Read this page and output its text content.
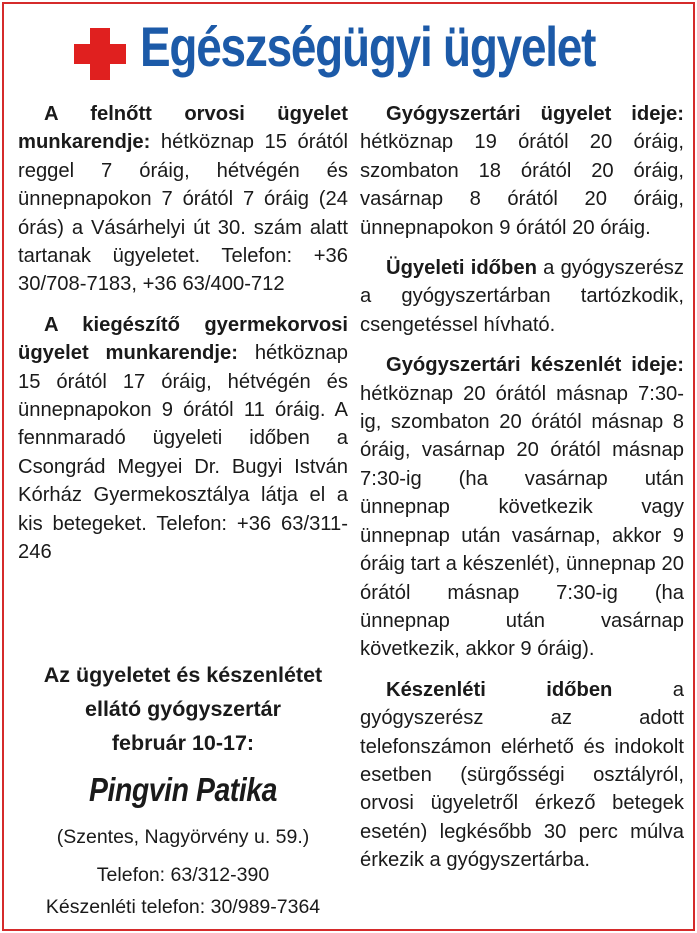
Egészségügyi ügyelet

A felnőtt orvosi ügyelet munkarendje: hétköznap 15 órától reggel 7 óráig, hétvégén és ünnepnapokon 7 órától 7 óráig (24 órás) a Vásárhelyi út 30. szám alatt tartanak ügyeletet. Telefon: +36 30/708-7183, +36 63/400-712

A kiegészítő gyermekorvosi ügyelet munkarendje: hétköznap 15 órától 17 óráig, hétvégén és ünnepnapokon 9 órától 11 óráig. A fennmaradó ügyeleti időben a Csongrád Megyei Dr. Bugyi István Kórház Gyermekosztálya látja el a kis betegeket. Telefon: +36 63/311-246

Az ügyeletet és készenlétet
ellátó gyógyszertár
február 10-17:
Pingvin Patika
(Szentes, Nagyörvény u. 59.)
Telefon: 63/312-390
Készenléti telefon: 30/989-7364

Gyógyszertári ügyelet ideje: hétköznap 19 órától 20 óráig, szombaton 18 órától 20 óráig, vasárnap 8 órától 20 óráig, ünnepnapokon 9 órától 20 óráig.

Ügyeleti időben a gyógyszerész a gyógyszertárban tartózkodik, csengetéssel hívható.

Gyógyszertári készenlét ideje: hétköznap 20 órától másnap 7:30-ig, szombaton 20 órától másnap 8 óráig, vasárnap 20 órától másnap 7:30-ig (ha vasárnap után ünnepnap következik vagy ünnepnap után vasárnap, akkor 9 óráig tart a készenlét), ünnepnap 20 órától másnap 7:30-ig (ha ünnepnap után vasárnap következik, akkor 9 óráig).

Készenléti időben a gyógyszerész az adott telefonszámon elérhető és indokolt esetben (sürgősségi osztályról, orvosi ügyeletről érkező betegek esetén) legkésőbb 30 perc múlva érkezik a gyógyszertárba.
